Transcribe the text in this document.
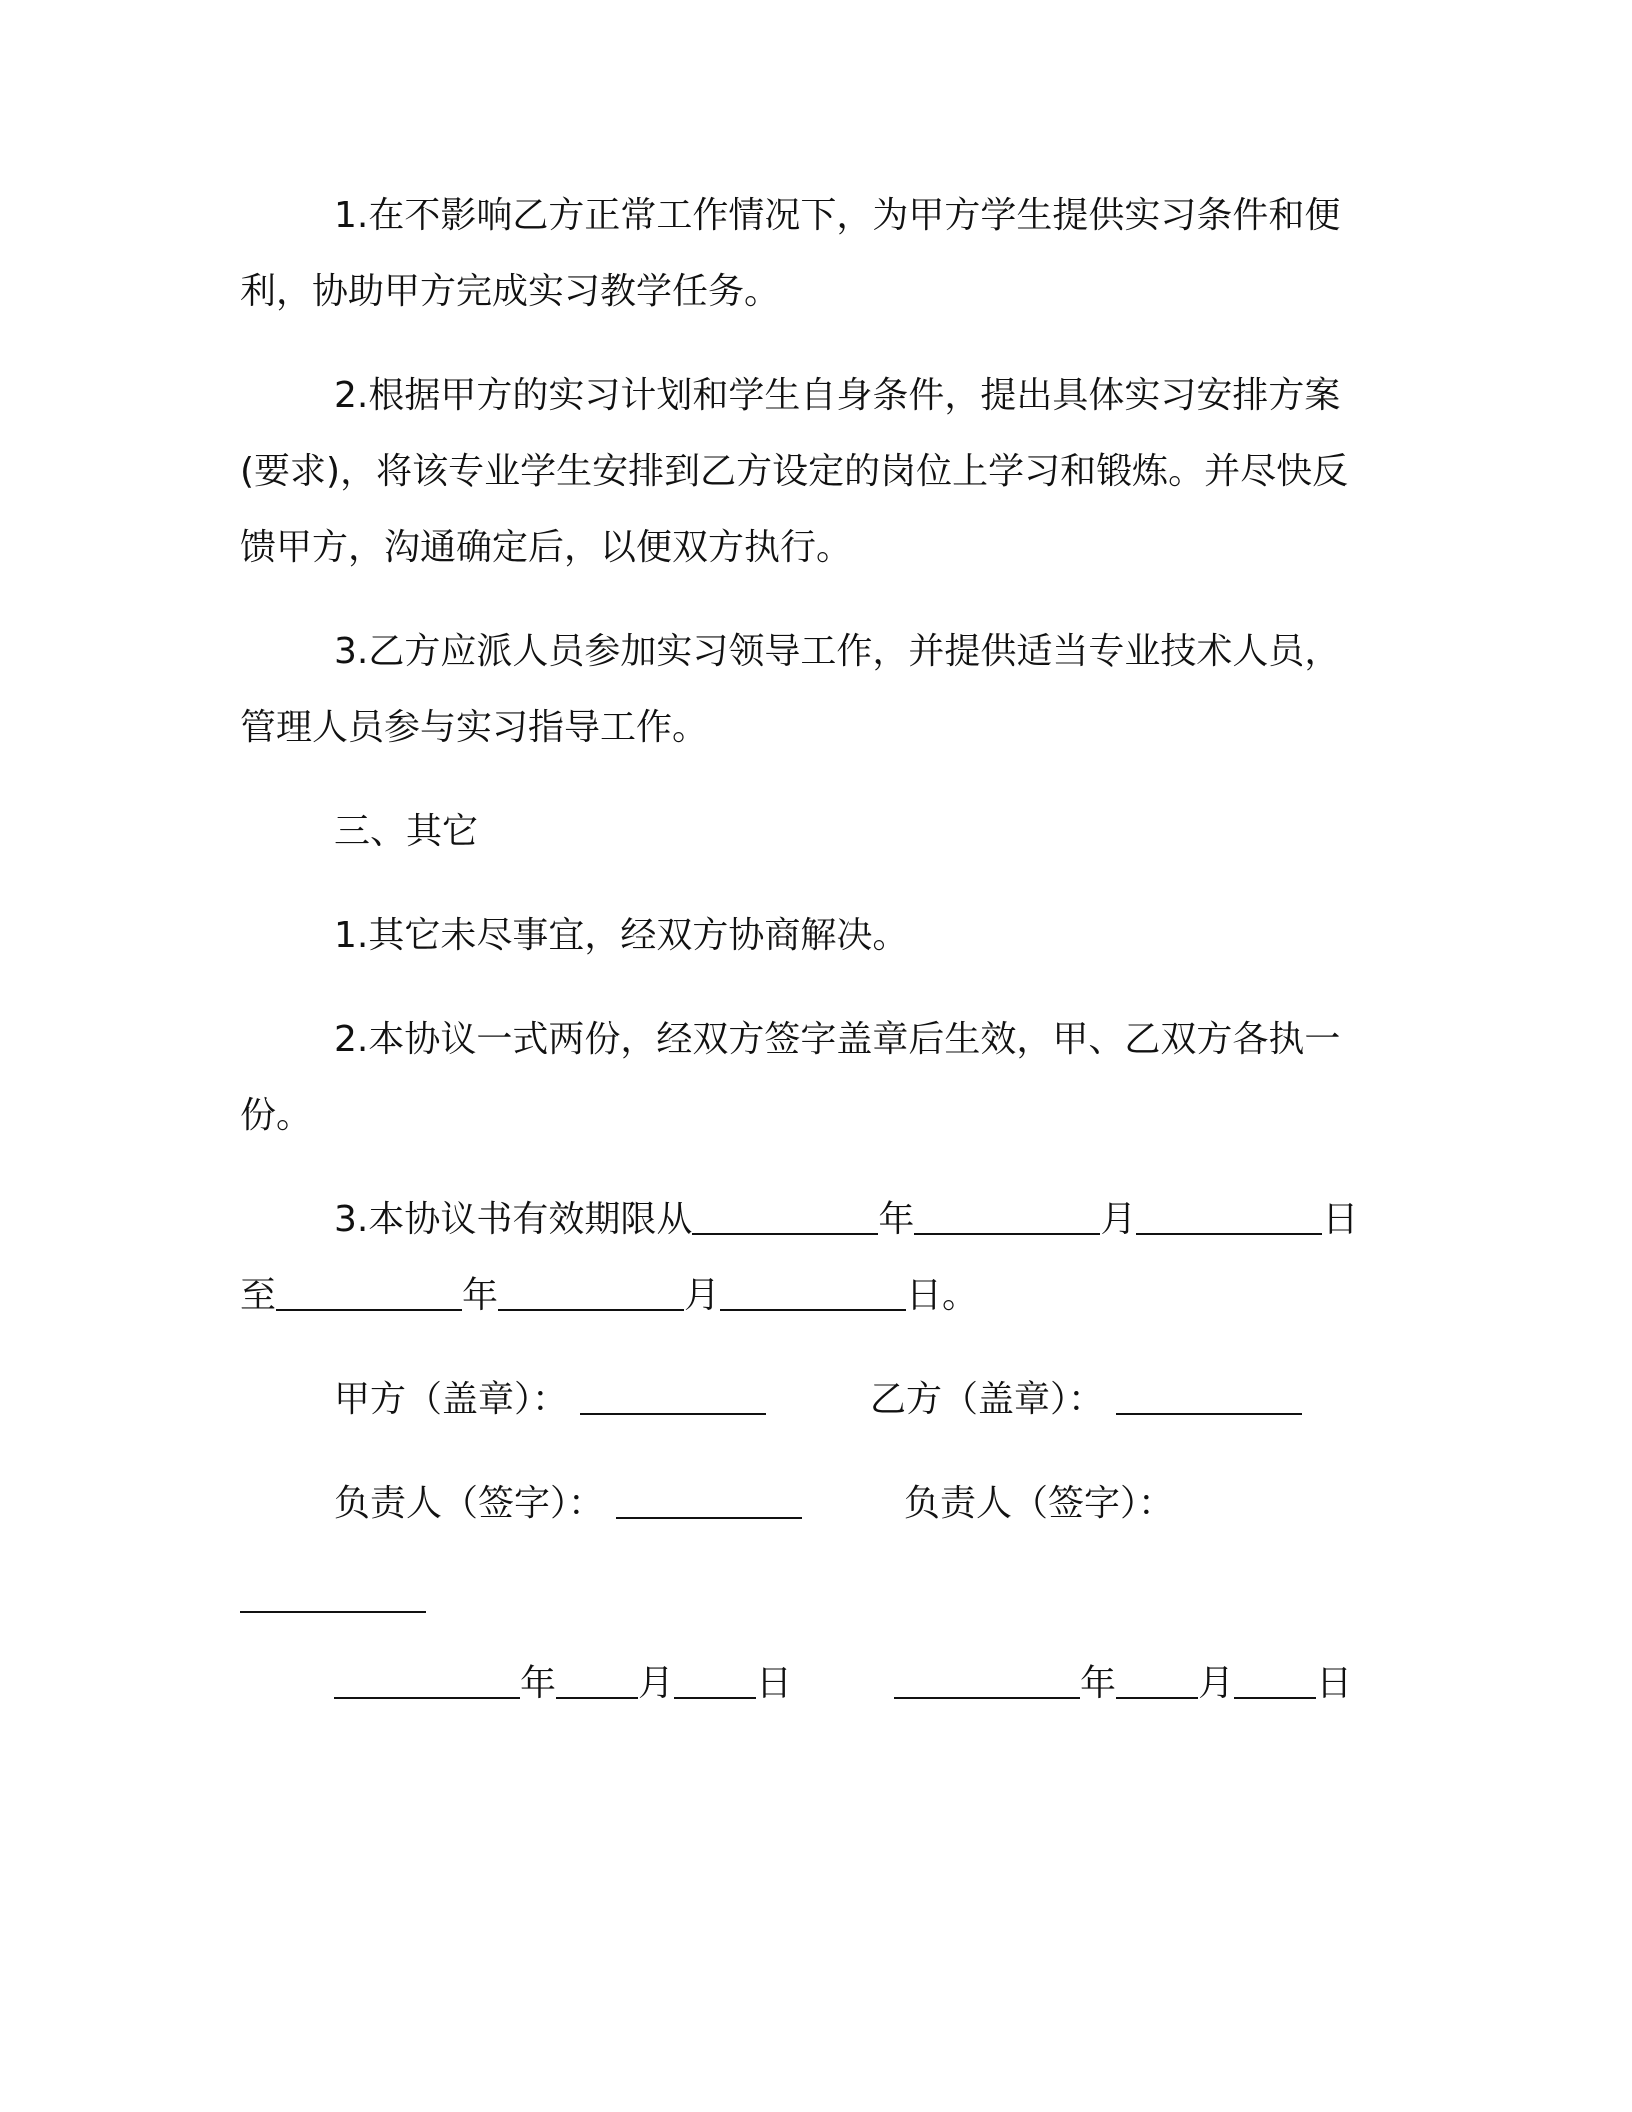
1.在不影响乙方正常工作情况下，为甲方学生提供实习条件和便
利，协助甲方完成实习教学任务。
2.根据甲方的实习计划和学生自身条件，提出具体实习安排方案
(要求)，将该专业学生安排到乙方设定的岗位上学习和锻炼。并尽快反
馈甲方，沟通确定后，以便双方执行。
3.乙方应派人员参加实习领导工作，并提供适当专业技术人员，
管理人员参与实习指导工作。
三、其它
1.其它未尽事宜，经双方协商解决。
2.本协议一式两份，经双方签字盖章后生效，甲、乙双方各执一
份。
3.本协议书有效期限从	年	月	日
至	年	月	日。
甲方（盖章）：	乙方（盖章）：
负责人（签字）：	负责人（签字）：
年 月 日	年 月 日
